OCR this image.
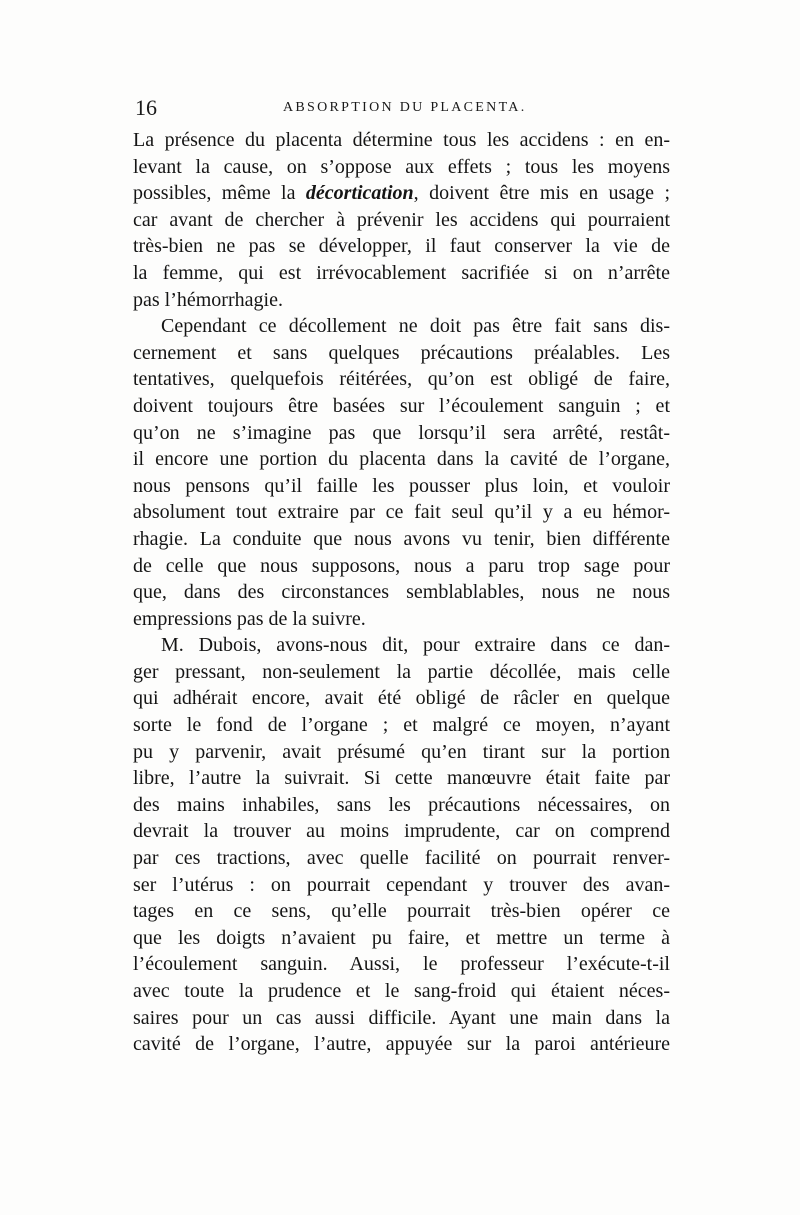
16	ABSORPTION DU PLACENTA.
La présence du placenta détermine tous les accidens : en en-
levant la cause, on s’oppose aux effets ; tous les moyens
possibles, même la décortication, doivent être mis en usage ;
car avant de chercher à prévenir les accidens qui pourraient
très-bien ne pas se développer, il faut conserver la vie de
la femme, qui est irrévocablement sacrifiée si on n’arrête
pas l’hémorrhagie.
Cependant ce décollement ne doit pas être fait sans dis-
cernement et sans quelques précautions préalables. Les
tentatives, quelquefois réitérées, qu’on est obligé de faire,
doivent toujours être basées sur l’écoulement sanguin ; et
qu’on ne s’imagine pas que lorsqu’il sera arrêté, restât-
il encore une portion du placenta dans la cavité de l’organe,
nous pensons qu’il faille les pousser plus loin, et vouloir
absolument tout extraire par ce fait seul qu’il y a eu hémor-
rhagie. La conduite que nous avons vu tenir, bien différente
de celle que nous supposons, nous a paru trop sage pour
que, dans des circonstances semblablables, nous ne nous
empressions pas de la suivre.
M. Dubois, avons-nous dit, pour extraire dans ce dan-
ger pressant, non-seulement la partie décollée, mais celle
qui adhérait encore, avait été obligé de râcler en quelque
sorte le fond de l’organe ; et malgré ce moyen, n’ayant
pu y parvenir, avait présumé qu’en tirant sur la portion
libre, l’autre la suivrait. Si cette manœuvre était faite par
des mains inhabiles, sans les précautions nécessaires, on
devrait la trouver au moins imprudente, car on comprend
par ces tractions, avec quelle facilité on pourrait renver-
ser l’utérus : on pourrait cependant y trouver des avan-
tages en ce sens, qu’elle pourrait très-bien opérer ce
que les doigts n’avaient pu faire, et mettre un terme à
l’écoulement sanguin. Aussi, le professeur l’exécute-t-il
avec toute la prudence et le sang-froid qui étaient néces-
saires pour un cas aussi difficile. Ayant une main dans la
cavité de l’organe, l’autre, appuyée sur la paroi antérieure
